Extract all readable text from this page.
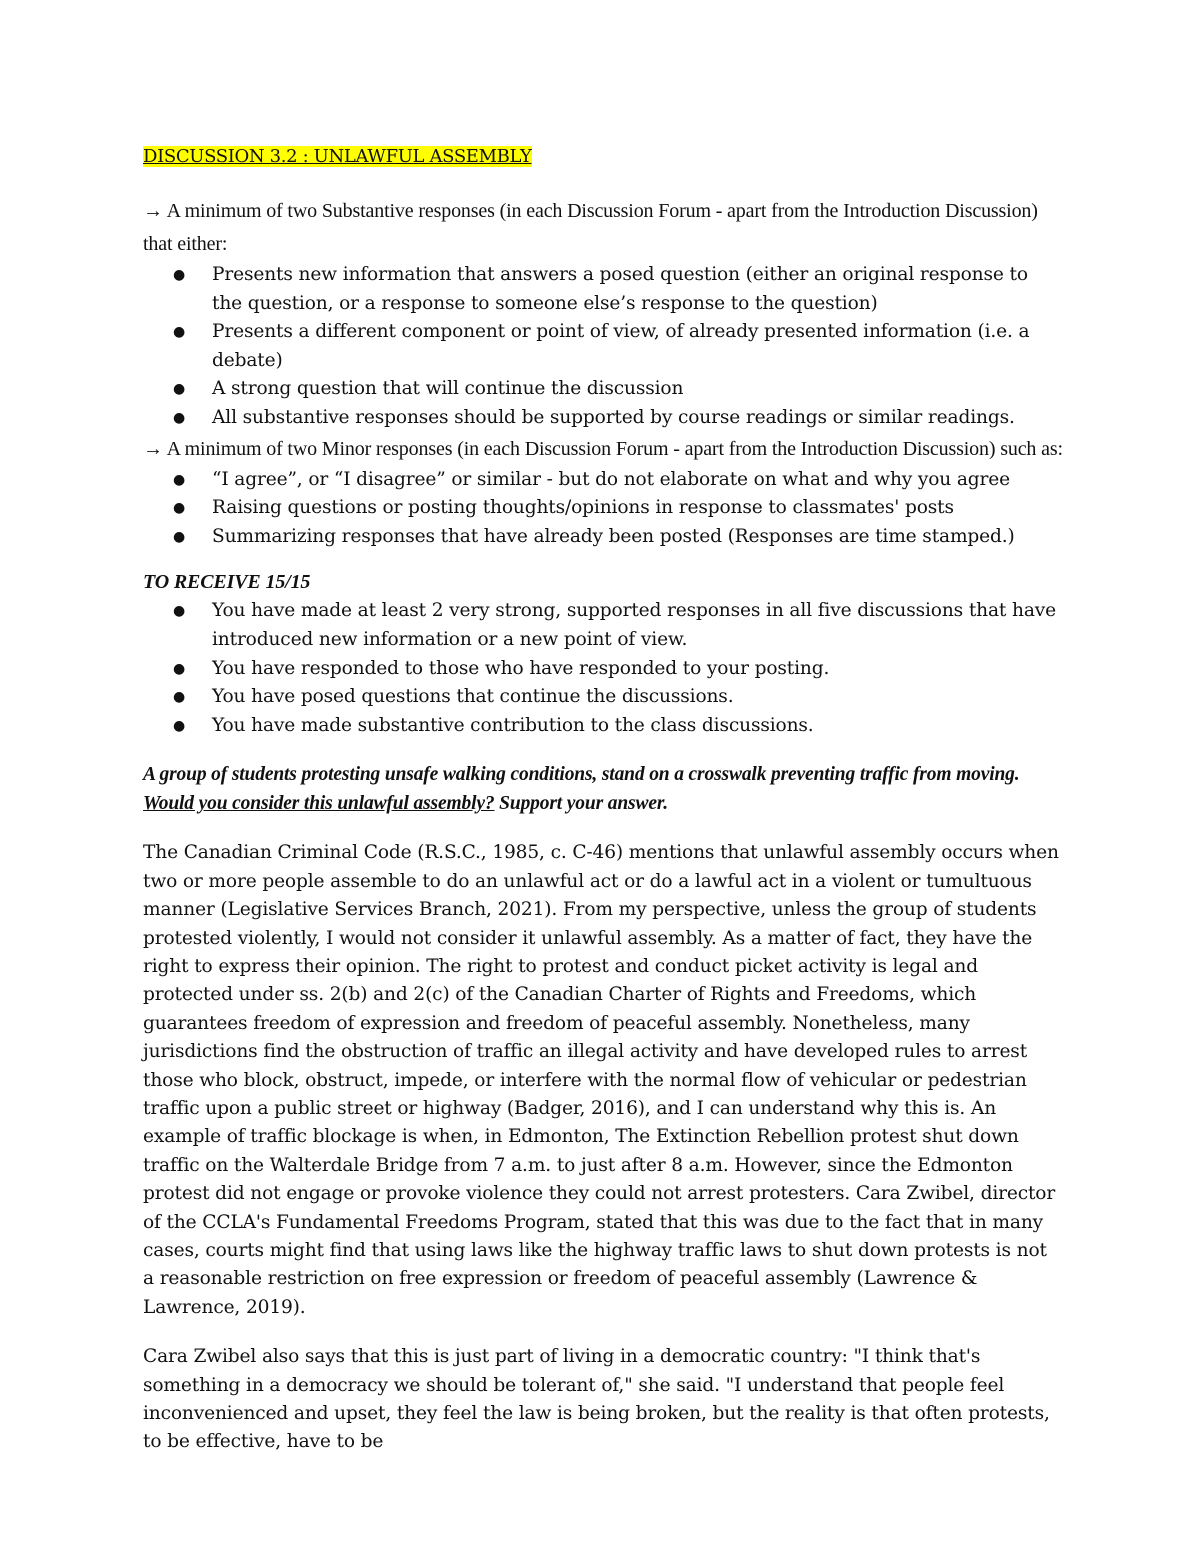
DISCUSSION 3.2 : UNLAWFUL ASSEMBLY

→ A minimum of two Substantive responses (in each Discussion Forum - apart from the Introduction Discussion) that either:

● Presents new information that answers a posed question (either an original response to the question, or a response to someone else’s response to the question)
● Presents a different component or point of view, of already presented information (i.e. a debate)
● A strong question that will continue the discussion
● All substantive responses should be supported by course readings or similar readings.

→ A minimum of two Minor responses (in each Discussion Forum - apart from the Introduction Discussion) such as:

● “I agree”, or “I disagree” or similar - but do not elaborate on what and why you agree
● Raising questions or posting thoughts/opinions in response to classmates' posts
● Summarizing responses that have already been posted (Responses are time stamped.)
TO RECEIVE 15/15
● You have made at least 2 very strong, supported responses in all five discussions that have introduced new information or a new point of view.
● You have responded to those who have responded to your posting.
● You have posed questions that continue the discussions.
● You have made substantive contribution to the class discussions.
A group of students protesting unsafe walking conditions, stand on a crosswalk preventing traffic from moving. Would you consider this unlawful assembly? Support your answer.

The Canadian Criminal Code (R.S.C., 1985, c. C-46) mentions that unlawful assembly occurs when two or more people assemble to do an unlawful act or do a lawful act in a violent or tumultuous manner (Legislative Services Branch, 2021). From my perspective, unless the group of students protested violently, I would not consider it unlawful assembly. As a matter of fact, they have the right to express their opinion. The right to protest and conduct picket activity is legal and protected under ss. 2(b) and 2(c) of the Canadian Charter of Rights and Freedoms, which guarantees freedom of expression and freedom of peaceful assembly. Nonetheless, many jurisdictions find the obstruction of traffic an illegal activity and have developed rules to arrest those who block, obstruct, impede, or interfere with the normal flow of vehicular or pedestrian traffic upon a public street or highway (Badger, 2016), and I can understand why this is. An example of traffic blockage is when, in Edmonton, The Extinction Rebellion protest shut down traffic on the Walterdale Bridge from 7 a.m. to just after 8 a.m. However, since the Edmonton protest did not engage or provoke violence they could not arrest protesters. Cara Zwibel, director of the CCLA's Fundamental Freedoms Program, stated that this was due to the fact that in many cases, courts might find that using laws like the highway traffic laws to shut down protests is not a reasonable restriction on free expression or freedom of peaceful assembly (Lawrence & Lawrence, 2019).

Cara Zwibel also says that this is just part of living in a democratic country: "I think that's something in a democracy we should be tolerant of," she said. "I understand that people feel inconvenienced and upset, they feel the law is being broken, but the reality is that often protests, to be effective, have to be
